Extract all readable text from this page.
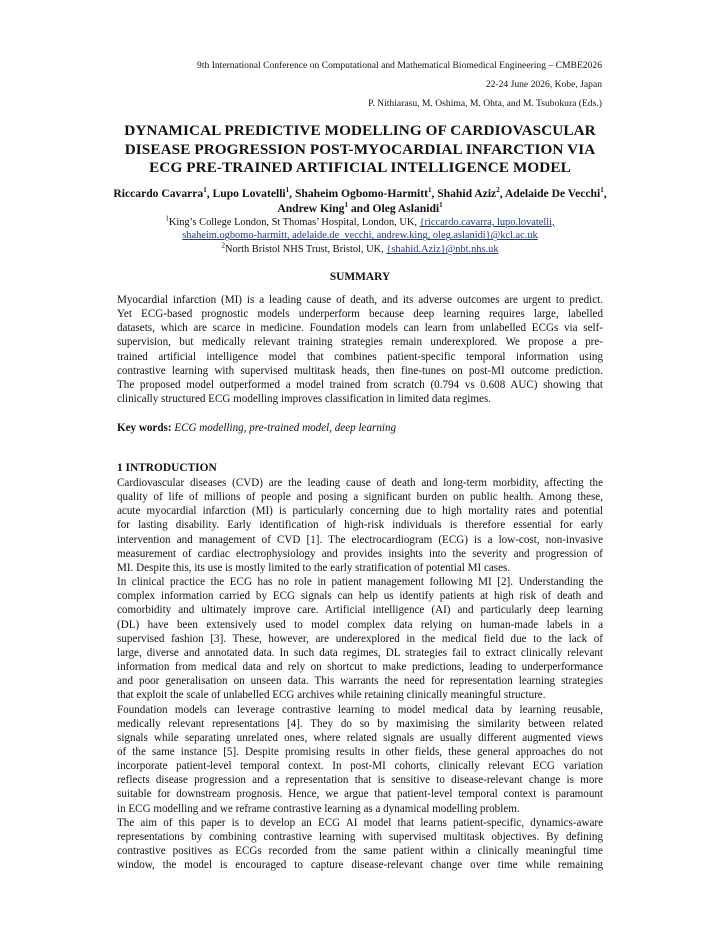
9th International Conference on Computational and Mathematical Biomedical Engineering – CMBE2026
22-24 June 2026, Kobe, Japan
P. Nithiarasu, M. Oshima, M. Ohta, and M. Tsubokura (Eds.)
DYNAMICAL PREDICTIVE MODELLING OF CARDIOVASCULAR
DISEASE PROGRESSION POST-MYOCARDIAL INFARCTION VIA
ECG PRE-TRAINED ARTIFICIAL INTELLIGENCE MODEL
Riccardo Cavarra$^1$, Lupo Lovatelli$^1$, Shaheim Ogbomo-Harmitt$^1$, Shahid Aziz$^2$, Adelaide De Vecchi$^1$, Andrew King$^1$ and Oleg Aslanidi$^1$
$^1$King’s College London, St Thomas’ Hospital, London, UK, {riccardo.cavarra, lupo.lovatelli,
shaheim.ogbomo-harmitt, adelaide.de_vecchi, andrew.king, oleg.aslanidi}@kcl.ac.uk
$^2$North Bristol NHS Trust, Bristol, UK, {shahid.Aziz}@nbt.nhs.uk
SUMMARY
Myocardial infarction (MI) is a leading cause of death, and its adverse outcomes are urgent to predict.
Yet ECG-based prognostic models underperform because deep learning requires large, labelled
datasets, which are scarce in medicine. Foundation models can learn from unlabelled ECGs via self-
supervision, but medically relevant training strategies remain underexplored. We propose a pre-
trained artificial intelligence model that combines patient-specific temporal information using
contrastive learning with supervised multitask heads, then fine-tunes on post-MI outcome prediction.
The proposed model outperformed a model trained from scratch (0.794 vs 0.608 AUC) showing that
clinically structured ECG modelling improves classification in limited data regimes.
Key words: ECG modelling, pre-trained model, deep learning
1 INTRODUCTION
Cardiovascular diseases (CVD) are the leading cause of death and long-term morbidity, affecting the
quality of life of millions of people and posing a significant burden on public health. Among these,
acute myocardial infarction (MI) is particularly concerning due to high mortality rates and potential
for lasting disability. Early identification of high-risk individuals is therefore essential for early
intervention and management of CVD [1]. The electrocardiogram (ECG) is a low-cost, non-invasive
measurement of cardiac electrophysiology and provides insights into the severity and progression of
MI. Despite this, its use is mostly limited to the early stratification of potential MI cases.
In clinical practice the ECG has no role in patient management following MI [2]. Understanding the
complex information carried by ECG signals can help us identify patients at high risk of death and
comorbidity and ultimately improve care. Artificial intelligence (AI) and particularly deep learning
(DL) have been extensively used to model complex data relying on human-made labels in a
supervised fashion [3]. These, however, are underexplored in the medical field due to the lack of
large, diverse and annotated data. In such data regimes, DL strategies fail to extract clinically relevant
information from medical data and rely on shortcut to make predictions, leading to underperformance
and poor generalisation on unseen data. This warrants the need for representation learning strategies
that exploit the scale of unlabelled ECG archives while retaining clinically meaningful structure.
Foundation models can leverage contrastive learning to model medical data by learning reusable,
medically relevant representations [4]. They do so by maximising the similarity between related
signals while separating unrelated ones, where related signals are usually different augmented views
of the same instance [5]. Despite promising results in other fields, these general approaches do not
incorporate patient-level temporal context. In post-MI cohorts, clinically relevant ECG variation
reflects disease progression and a representation that is sensitive to disease-relevant change is more
suitable for downstream prognosis. Hence, we argue that patient-level temporal context is paramount
in ECG modelling and we reframe contrastive learning as a dynamical modelling problem.
The aim of this paper is to develop an ECG AI model that learns patient-specific, dynamics-aware
representations by combining contrastive learning with supervised multitask objectives. By defining
contrastive positives as ECGs recorded from the same patient within a clinically meaningful time
window, the model is encouraged to capture disease-relevant change over time while remaining
